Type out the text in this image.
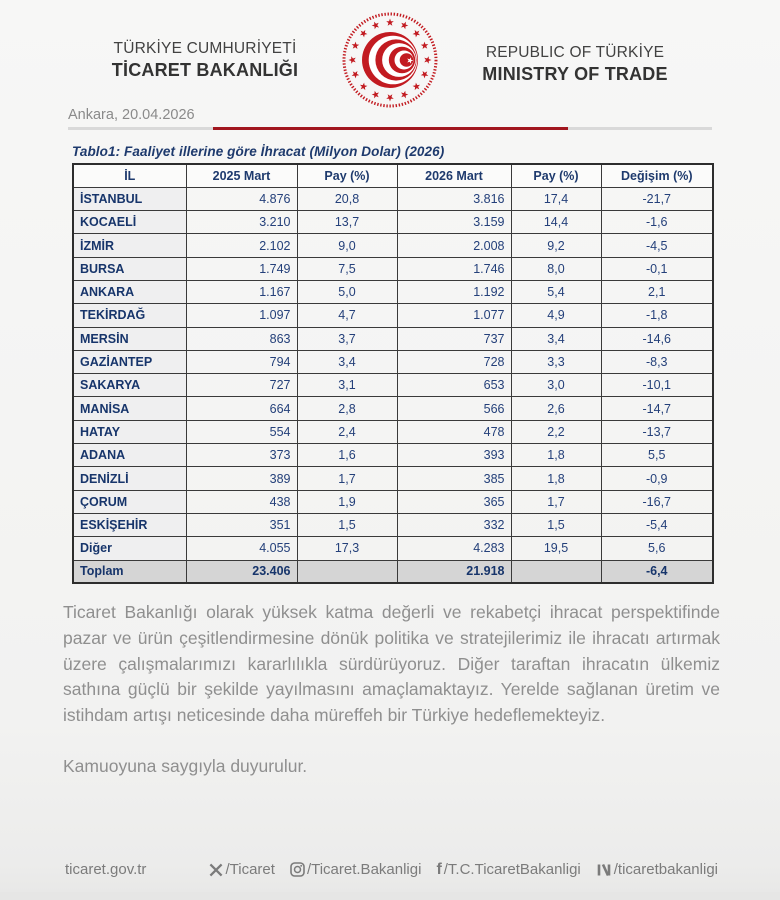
TÜRKİYE CUMHURİYETİ
TİCARET BAKANLIĞI
REPUBLIC OF TÜRKİYE
MINISTRY OF TRADE
Ankara, 20.04.2026
Tablo1: Faaliyet illerine göre İhracat (Milyon Dolar) (2026)
İL	2025 Mart	Pay (%)	2026 Mart	Pay (%)	Değişim (%)
İSTANBUL	4.876	20,8	3.816	17,4	-21,7
KOCAELİ	3.210	13,7	3.159	14,4	-1,6
İZMİR	2.102	9,0	2.008	9,2	-4,5
BURSA	1.749	7,5	1.746	8,0	-0,1
ANKARA	1.167	5,0	1.192	5,4	2,1
TEKİRDAĞ	1.097	4,7	1.077	4,9	-1,8
MERSİN	863	3,7	737	3,4	-14,6
GAZİANTEP	794	3,4	728	3,3	-8,3
SAKARYA	727	3,1	653	3,0	-10,1
MANİSA	664	2,8	566	2,6	-14,7
HATAY	554	2,4	478	2,2	-13,7
ADANA	373	1,6	393	1,8	5,5
DENİZLİ	389	1,7	385	1,8	-0,9
ÇORUM	438	1,9	365	1,7	-16,7
ESKİŞEHİR	351	1,5	332	1,5	-5,4
Diğer	4.055	17,3	4.283	19,5	5,6
Toplam	23.406		21.918		-6,4
Ticaret Bakanlığı olarak yüksek katma değerli ve rekabetçi ihracat perspektifinde pazar ve ürün çeşitlendirmesine dönük politika ve stratejilerimiz ile ihracatı artırmak üzere çalışmalarımızı kararlılıkla sürdürüyoruz. Diğer taraftan ihracatın ülkemiz sathına güçlü bir şekilde yayılmasını amaçlamaktayız. Yerelde sağlanan üretim ve istihdam artışı neticesinde daha müreffeh bir Türkiye hedeflemekteyiz.
Kamuoyuna saygıyla duyurulur.
ticaret.gov.tr	/Ticaret /Ticaret.Bakanligi f /T.C.TicaretBakanligi /ticaretbakanligi
